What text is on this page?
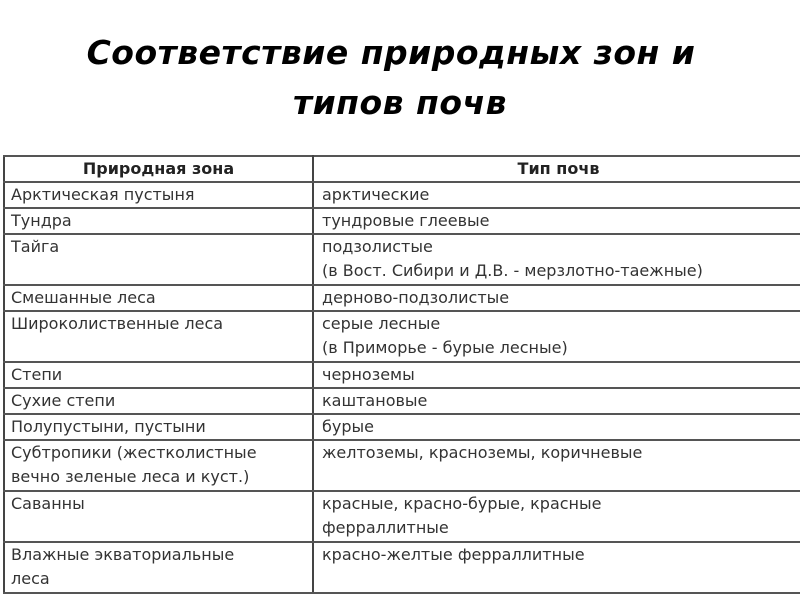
Соответствие природных зон и
типов почв
Природная зона	Тип почв

Арктическая пустыня	арктические

Тундра	тундровые глеевые

Тайга	подзолистые
(в Вост. Сибири и Д.В. - мерзлотно-таежные)

Смешанные леса	дерново-подзолистые

Широколиственные леса	серые лесные
(в Приморье - бурые лесные)

Степи	черноземы

Сухие степи	каштановые

Полупустыни, пустыни	бурые

Субтропики (жестколистные
вечно зеленые леса и куст.)	желтоземы, красноземы, коричневые

Саванны	красные, красно-бурые, красные
ферраллитные

Влажные экваториальные
леса	красно-желтые ферраллитные
